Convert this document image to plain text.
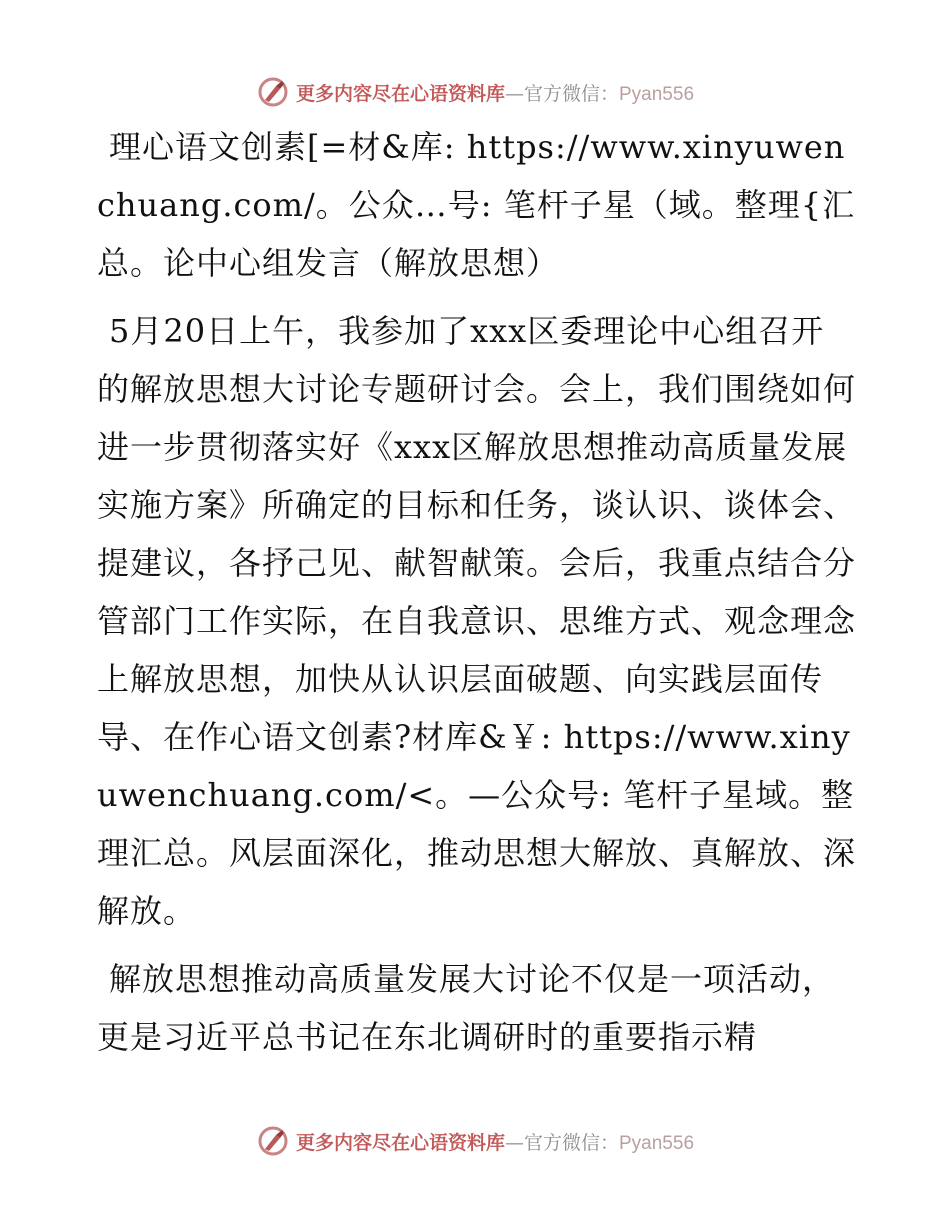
更多内容尽在心语资料库—官方微信：Pyan556

理心语文创素[=材&库: https://www.xinyuwenchuang.com/。公众…号: 笔杆子星（域。整理{汇总。论中心组发言（解放思想）

5月20日上午，我参加了xxx区委理论中心组召开的解放思想大讨论专题研讨会。会上，我们围绕如何进一步贯彻落实好《xxx区解放思想推动高质量发展实施方案》所确定的目标和任务，谈认识、谈体会、提建议，各抒己见、献智献策。会后，我重点结合分管部门工作实际，在自我意识、思维方式、观念理念上解放思想，加快从认识层面破题、向实践层面传导、在作心语文创素?材库&￥: https://www.xinyuwenchuang.com/<。—公众号: 笔杆子星域。整理汇总。风层面深化，推动思想大解放、真解放、深解放。

解放思想推动高质量发展大讨论不仅是一项活动，更是习近平总书记在东北调研时的重要指示精

更多内容尽在心语资料库—官方微信：Pyan556
